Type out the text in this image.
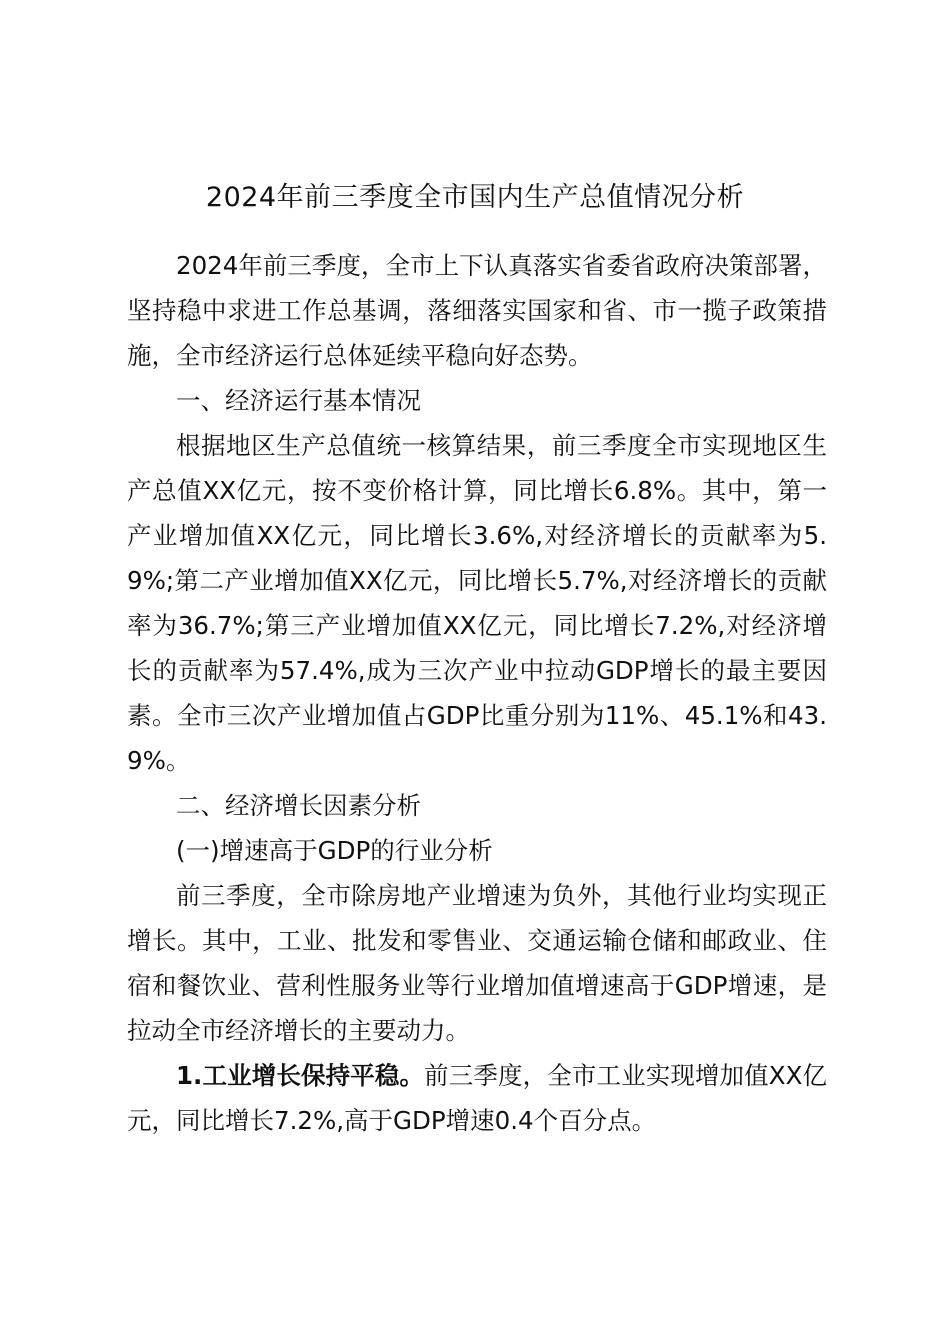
2024年前三季度全市国内生产总值情况分析

2024年前三季度，全市上下认真落实省委省政府决策部署，坚持稳中求进工作总基调，落细落实国家和省、市一揽子政策措施，全市经济运行总体延续平稳向好态势。

一、经济运行基本情况

根据地区生产总值统一核算结果，前三季度全市实现地区生产总值XX亿元，按不变价格计算，同比增长6.8%。其中，第一产业增加值XX亿元，同比增长3.6%,对经济增长的贡献率为5.9%;第二产业增加值XX亿元，同比增长5.7%,对经济增长的贡献率为36.7%;第三产业增加值XX亿元，同比增长7.2%,对经济增长的贡献率为57.4%,成为三次产业中拉动GDP增长的最主要因素。全市三次产业增加值占GDP比重分别为11%、45.1%和43.9%。

二、经济增长因素分析

(一)增速高于GDP的行业分析

前三季度，全市除房地产业增速为负外，其他行业均实现正增长。其中，工业、批发和零售业、交通运输仓储和邮政业、住宿和餐饮业、营利性服务业等行业增加值增速高于GDP增速，是拉动全市经济增长的主要动力。

1.工业增长保持平稳。前三季度，全市工业实现增加值XX亿元，同比增长7.2%,高于GDP增速0.4个百分点。
